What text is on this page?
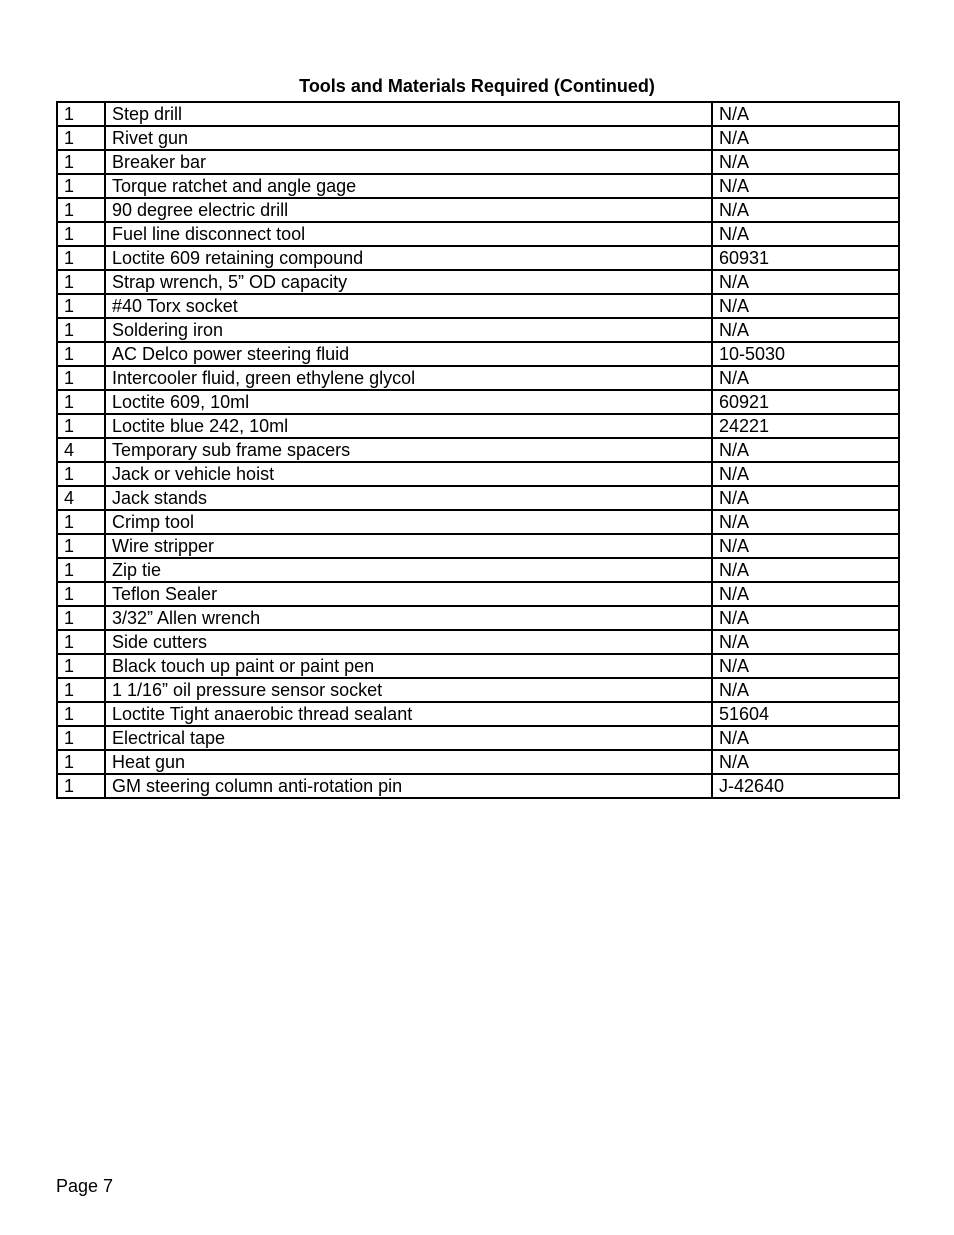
Tools and Materials Required (Continued)
1	Step drill	N/A
1	Rivet gun	N/A
1	Breaker bar	N/A
1	Torque ratchet and angle gage	N/A
1	90 degree electric drill	N/A
1	Fuel line disconnect tool	N/A
1	Loctite 609 retaining compound	60931
1	Strap wrench, 5” OD capacity	N/A
1	#40 Torx socket	N/A
1	Soldering iron	N/A
1	AC Delco power steering fluid	10-5030
1	Intercooler fluid, green ethylene glycol	N/A
1	Loctite 609, 10ml	60921
1	Loctite blue 242, 10ml	24221
4	Temporary sub frame spacers	N/A
1	Jack or vehicle hoist	N/A
4	Jack stands	N/A
1	Crimp tool	N/A
1	Wire stripper	N/A
1	Zip tie	N/A
1	Teflon Sealer	N/A
1	3/32” Allen wrench	N/A
1	Side cutters	N/A
1	Black touch up paint or paint pen	N/A
1	1 1/16” oil pressure sensor socket	N/A
1	Loctite Tight anaerobic thread sealant	51604
1	Electrical tape	N/A
1	Heat gun	N/A
1	GM steering column anti-rotation pin	J-42640
Page 7
